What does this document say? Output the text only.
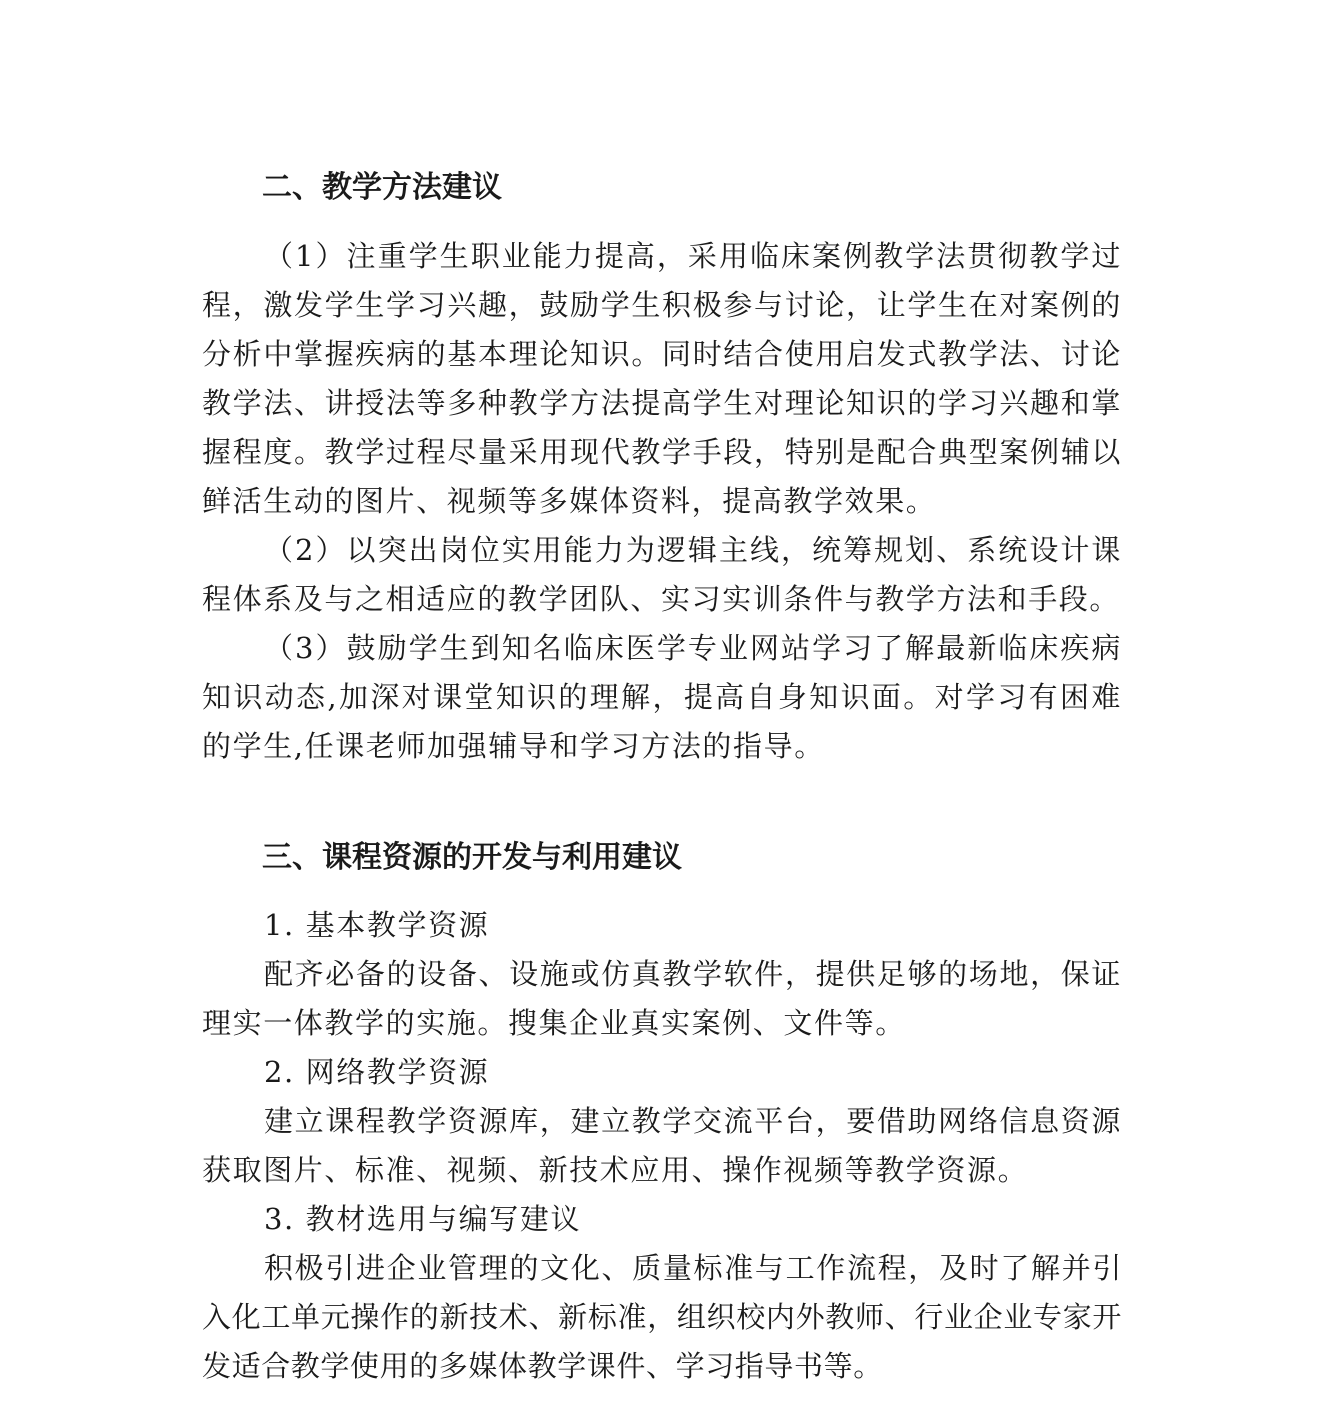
二、教学方法建议

（1）注重学生职业能力提高，采用临床案例教学法贯彻教学过程，激发学生学习兴趣，鼓励学生积极参与讨论，让学生在对案例的分析中掌握疾病的基本理论知识。同时结合使用启发式教学法、讨论教学法、讲授法等多种教学方法提高学生对理论知识的学习兴趣和掌握程度。教学过程尽量采用现代教学手段，特别是配合典型案例辅以鲜活生动的图片、视频等多媒体资料，提高教学效果。

（2）以突出岗位实用能力为逻辑主线，统筹规划、系统设计课程体系及与之相适应的教学团队、实习实训条件与教学方法和手段。

（3）鼓励学生到知名临床医学专业网站学习了解最新临床疾病知识动态,加深对课堂知识的理解，提高自身知识面。对学习有困难的学生,任课老师加强辅导和学习方法的指导。

三、课程资源的开发与利用建议
1. 基本教学资源

配齐必备的设备、设施或仿真教学软件，提供足够的场地，保证理实一体教学的实施。搜集企业真实案例、文件等。

2. 网络教学资源

建立课程教学资源库，建立教学交流平台，要借助网络信息资源获取图片、标准、视频、新技术应用、操作视频等教学资源。

3. 教材选用与编写建议

积极引进企业管理的文化、质量标准与工作流程，及时了解并引入化工单元操作的新技术、新标准，组织校内外教师、行业企业专家开发适合教学使用的多媒体教学课件、学习指导书等。
